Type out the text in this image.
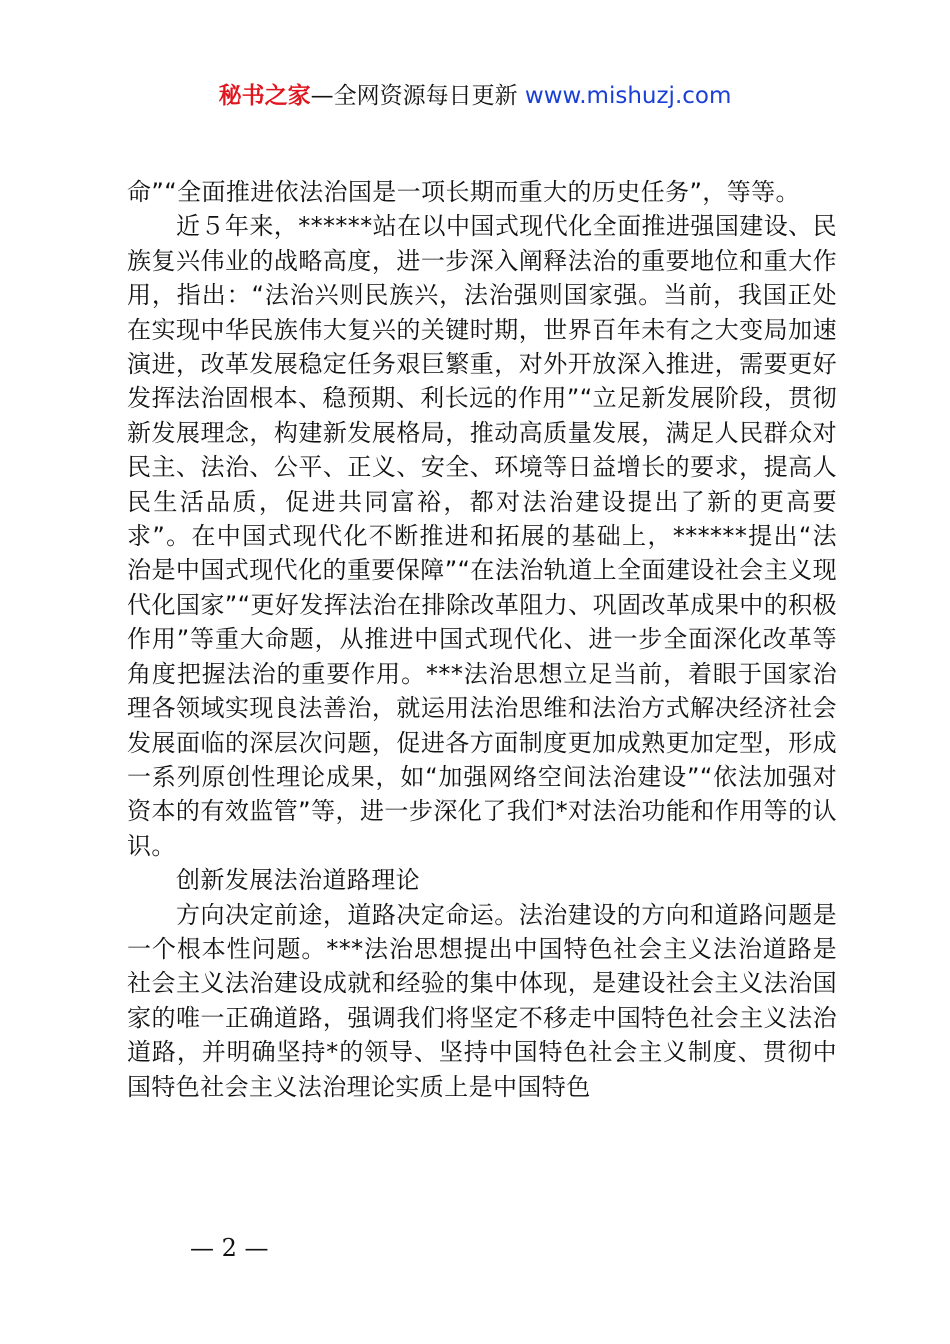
秘书之家—全网资源每日更新 www.mishuzj.com

命”“全面推进依法治国是一项长期而重大的历史任务”，等等。

近５年来，******站在以中国式现代化全面推进强国建设、民族复兴伟业的战略高度，进一步深入阐释法治的重要地位和重大作用，指出：“法治兴则民族兴，法治强则国家强。当前，我国正处在实现中华民族伟大复兴的关键时期，世界百年未有之大变局加速演进，改革发展稳定任务艰巨繁重，对外开放深入推进，需要更好发挥法治固根本、稳预期、利长远的作用”“立足新发展阶段，贯彻新发展理念，构建新发展格局，推动高质量发展，满足人民群众对民主、法治、公平、正义、安全、环境等日益增长的要求，提高人民生活品质，促进共同富裕，都对法治建设提出了新的更高要求”。在中国式现代化不断推进和拓展的基础上，******提出“法治是中国式现代化的重要保障”“在法治轨道上全面建设社会主义现代化国家”“更好发挥法治在排除改革阻力、巩固改革成果中的积极作用”等重大命题，从推进中国式现代化、进一步全面深化改革等角度把握法治的重要作用。***法治思想立足当前，着眼于国家治理各领域实现良法善治，就运用法治思维和法治方式解决经济社会发展面临的深层次问题，促进各方面制度更加成熟更加定型，形成一系列原创性理论成果，如“加强网络空间法治建设”“依法加强对资本的有效监管”等，进一步深化了我们*对法治功能和作用等的认识。

创新发展法治道路理论

方向决定前途，道路决定命运。法治建设的方向和道路问题是一个根本性问题。***法治思想提出中国特色社会主义法治道路是社会主义法治建设成就和经验的集中体现，是建设社会主义法治国家的唯一正确道路，强调我们将坚定不移走中国特色社会主义法治道路，并明确坚持*的领导、坚持中国特色社会主义制度、贯彻中国特色社会主义法治理论实质上是中国特色

— 2 —
